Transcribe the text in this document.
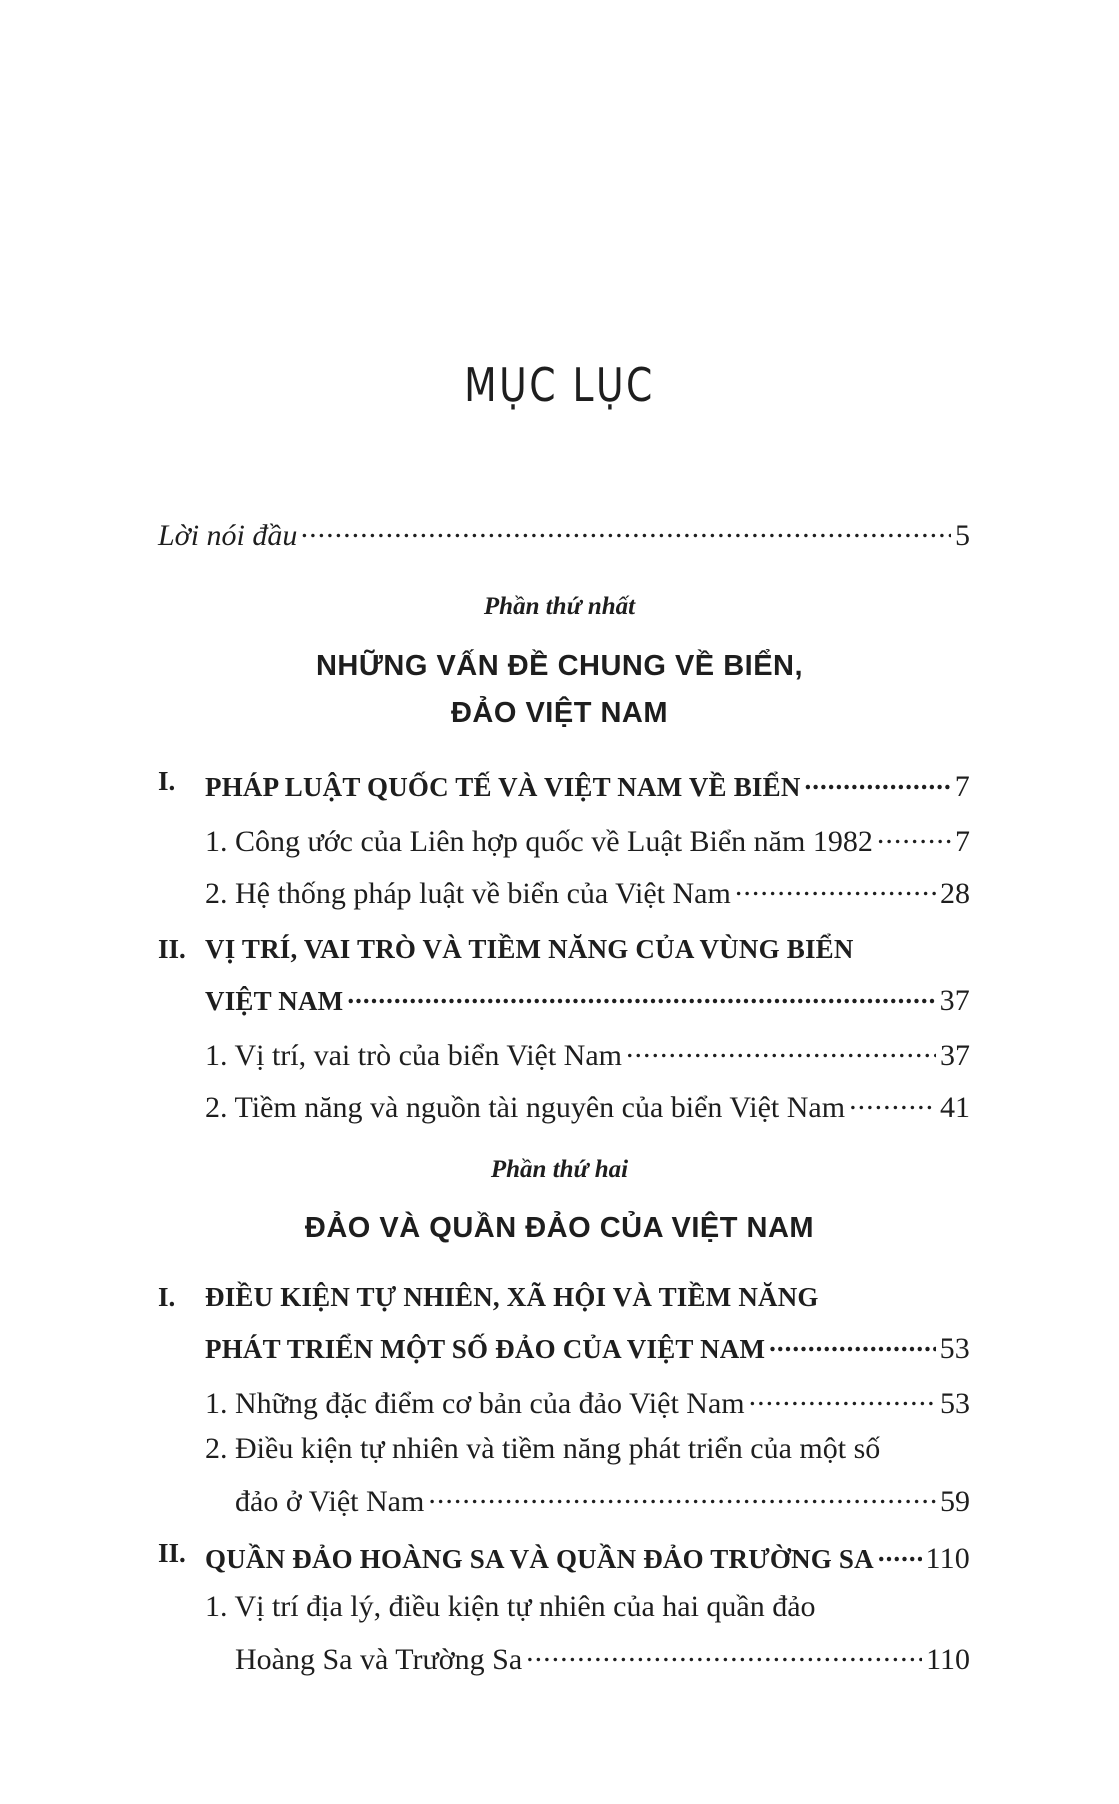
MỤC LỤC
Lời nói đầu .....	5
Phần thứ nhất
NHỮNG VẤN ĐỀ CHUNG VỀ BIỂN,
ĐẢO VIỆT NAM
I. PHÁP LUẬT QUỐC TẾ VÀ VIỆT NAM VỀ BIỂN .....	7
1. Công ước của Liên hợp quốc về Luật Biển năm 1982 .....	7
2. Hệ thống pháp luật về biển của Việt Nam .....	28
II. VỊ TRÍ, VAI TRÒ VÀ TIỀM NĂNG CỦA VÙNG BIỂN
VIỆT NAM .....	37
1. Vị trí, vai trò của biển Việt Nam .....	37
2. Tiềm năng và nguồn tài nguyên của biển Việt Nam .....	41
Phần thứ hai
ĐẢO VÀ QUẦN ĐẢO CỦA VIỆT NAM
I. ĐIỀU KIỆN TỰ NHIÊN, XÃ HỘI VÀ TIỀM NĂNG
PHÁT TRIỂN MỘT SỐ ĐẢO CỦA VIỆT NAM .....	53
1. Những đặc điểm cơ bản của đảo Việt Nam .....	53
2. Điều kiện tự nhiên và tiềm năng phát triển của một số
đảo ở Việt Nam .....	59
II. QUẦN ĐẢO HOÀNG SA VÀ QUẦN ĐẢO TRƯỜNG SA ..... 110
1. Vị trí địa lý, điều kiện tự nhiên của hai quần đảo
Hoàng Sa và Trường Sa .....	110
